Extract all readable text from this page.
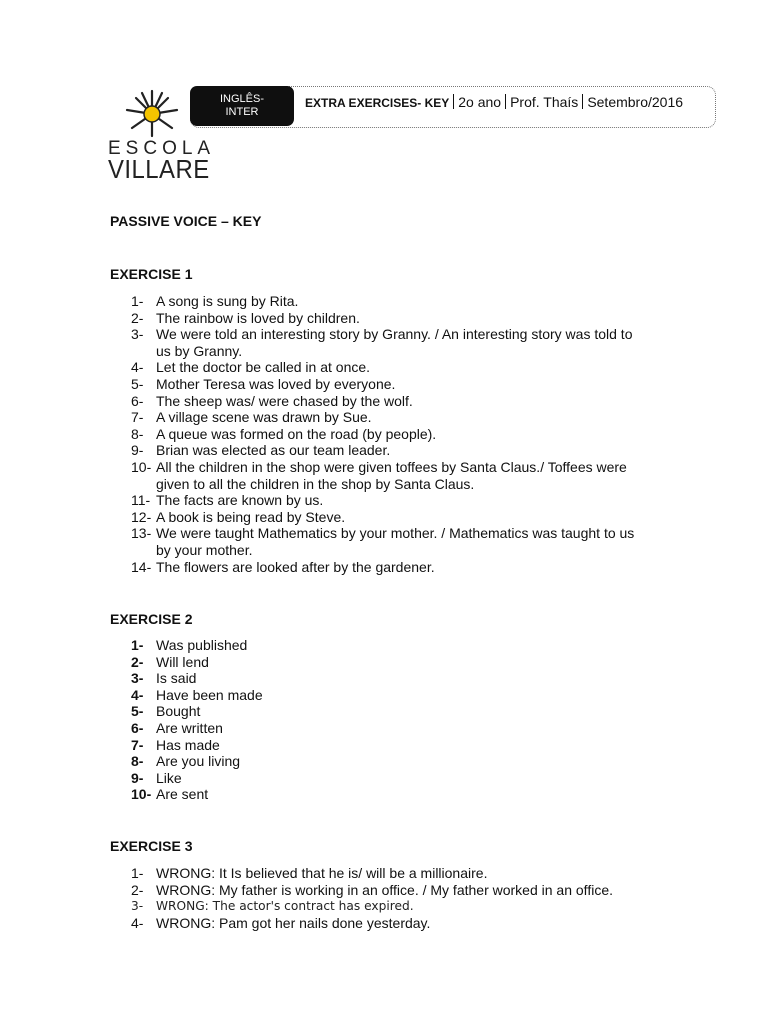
ESCOLA
VILLARE
INGLÊS-
INTER
EXTRA EXERCISES- KEY 2o ano Prof. Thaís Setembro/2016
PASSIVE VOICE – KEY
EXERCISE 1
1- A song is sung by Rita.
2- The rainbow is loved by children.
3- We were told an interesting story by Granny. / An interesting story was told to us by Granny.
4- Let the doctor be called in at once.
5- Mother Teresa was loved by everyone.
6- The sheep was/ were chased by the wolf.
7- A village scene was drawn by Sue.
8- A queue was formed on the road (by people).
9- Brian was elected as our team leader.
10- All the children in the shop were given toffees by Santa Claus./ Toffees were given to all the children in the shop by Santa Claus.
11- The facts are known by us.
12- A book is being read by Steve.
13- We were taught Mathematics by your mother. / Mathematics was taught to us by your mother.
14- The flowers are looked after by the gardener.
EXERCISE 2
1- Was published
2- Will lend
3- Is said
4- Have been made
5- Bought
6- Are written
7- Has made
8- Are you living
9- Like
10- Are sent
EXERCISE 3
1- WRONG: It Is believed that he is/ will be a millionaire.
2- WRONG: My father is working in an office. / My father worked in an office.
3-	WRONG: The actor's contract has expired.
4- WRONG: Pam got her nails done yesterday.
